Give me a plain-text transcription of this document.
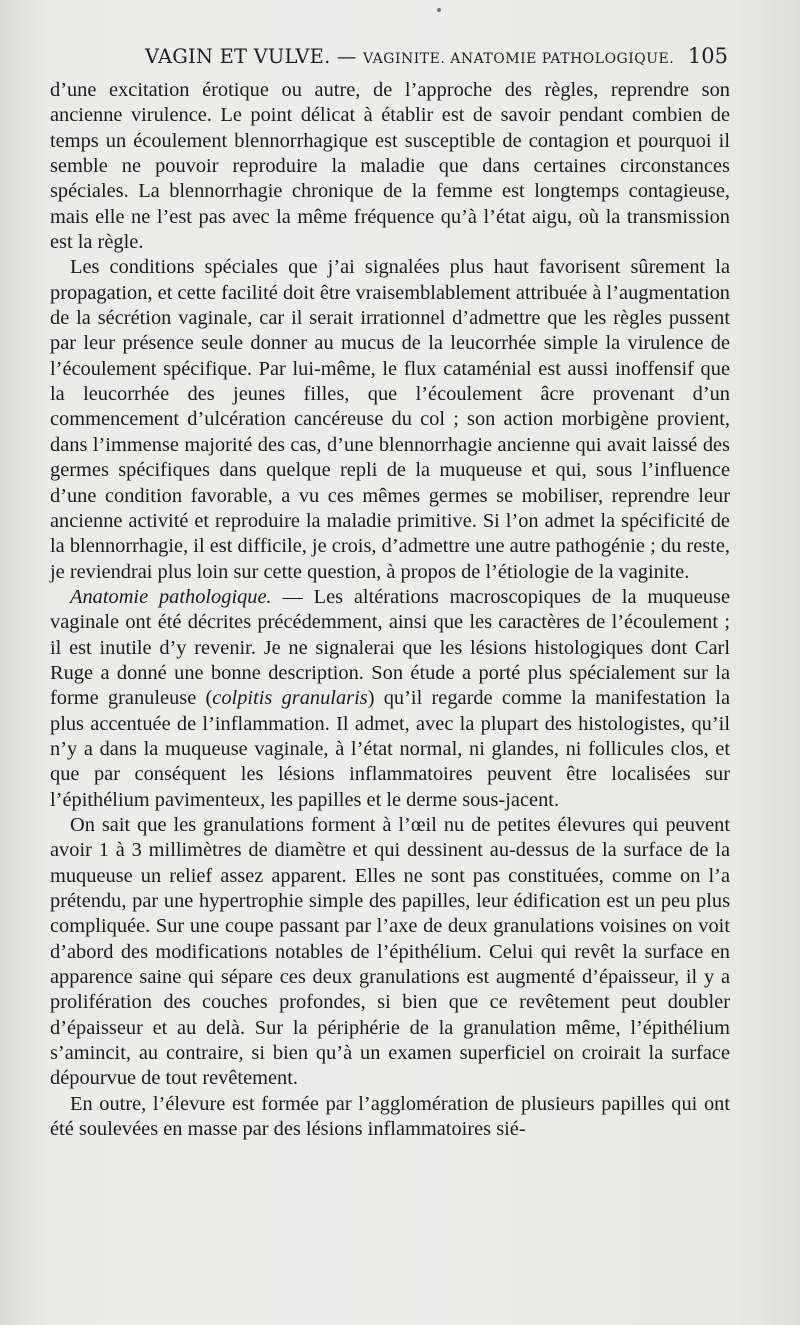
VAGIN ET VULVE. — VAGINITE. ANATOMIE PATHOLOGIQUE. 105

d’une excitation érotique ou autre, de l’approche des règles, reprendre son ancienne virulence. Le point délicat à établir est de savoir pendant combien de temps un écoulement blennorrhagique est susceptible de contagion et pourquoi il semble ne pouvoir reproduire la maladie que dans certaines circonstances spéciales. La blennorrhagie chronique de la femme est longtemps contagieuse, mais elle ne l’est pas avec la même fréquence qu’à l’état aigu, où la transmission est la règle.

Les conditions spéciales que j’ai signalées plus haut favorisent sûrement la propagation, et cette facilité doit être vraisemblablement attribuée à l’augmentation de la sécrétion vaginale, car il serait irrationnel d’admettre que les règles pussent par leur présence seule donner au mucus de la leucorrhée simple la virulence de l’écoulement spécifique. Par lui-même, le flux cataménial est aussi inoffensif que la leucorrhée des jeunes filles, que l’écoulement âcre provenant d’un commencement d’ulcération cancéreuse du col ; son action morbigène provient, dans l’immense majorité des cas, d’une blennorrhagie ancienne qui avait laissé des germes spécifiques dans quelque repli de la muqueuse et qui, sous l’influence d’une condition favorable, a vu ces mêmes germes se mobiliser, reprendre leur ancienne activité et reproduire la maladie primitive. Si l’on admet la spécificité de la blennorrhagie, il est difficile, je crois, d’admettre une autre pathogénie ; du reste, je reviendrai plus loin sur cette question, à propos de l’étiologie de la vaginite.

Anatomie pathologique. — Les altérations macroscopiques de la muqueuse vaginale ont été décrites précédemment, ainsi que les caractères de l’écoulement ; il est inutile d’y revenir. Je ne signalerai que les lésions histologiques dont Carl Ruge a donné une bonne description. Son étude a porté plus spécialement sur la forme granuleuse (colpitis granularis) qu’il regarde comme la manifestation la plus accentuée de l’inflammation. Il admet, avec la plupart des histologistes, qu’il n’y a dans la muqueuse vaginale, à l’état normal, ni glandes, ni follicules clos, et que par conséquent les lésions inflammatoires peuvent être localisées sur l’épithélium pavimenteux, les papilles et le derme sous-jacent.

On sait que les granulations forment à l’œil nu de petites élevures qui peuvent avoir 1 à 3 millimètres de diamètre et qui dessinent au-dessus de la surface de la muqueuse un relief assez apparent. Elles ne sont pas constituées, comme on l’a prétendu, par une hypertrophie simple des papilles, leur édification est un peu plus compliquée. Sur une coupe passant par l’axe de deux granulations voisines on voit d’abord des modifications notables de l’épithélium. Celui qui revêt la surface en apparence saine qui sépare ces deux granulations est augmenté d’épaisseur, il y a prolifération des couches profondes, si bien que ce revêtement peut doubler d’épaisseur et au delà. Sur la périphérie de la granulation même, l’épithélium s’amincit, au contraire, si bien qu’à un examen superficiel on croirait la surface dépourvue de tout revêtement.

En outre, l’élevure est formée par l’agglomération de plusieurs papilles qui ont été soulevées en masse par des lésions inflammatoires sié-
